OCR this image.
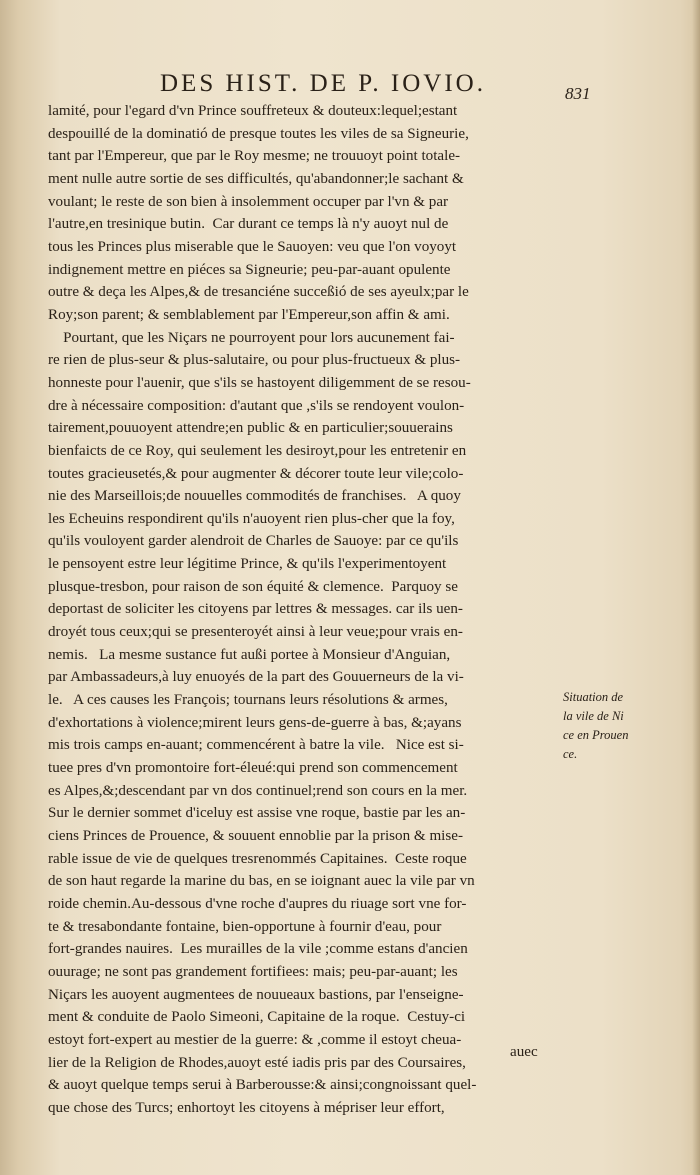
DES HIST. DE P. IOVIO.	831
lamité, pour l'egard d'vn Prince souffreteux & douteux:lequel;estant
despouillé de la dominatió de presque toutes les viles de sa Signeurie,
tant par l'Empereur, que par le Roy mesme; ne trouuoyt point totale-
ment nulle autre sortie de ses difficultés, qu'abandonner;le sachant &
voulant; le reste de son bien à insolemment occuper par l'vn & par
l'autre,en tresinique butin.  Car durant ce temps là n'y auoyt nul de
tous les Princes plus miserable que le Sauoyen: veu que l'on voyoyt
indignement mettre en piéces sa Signeurie; peu-par-auant opulente
outre & deça les Alpes,& de tresanciéne succeßió de ses ayeulx;par le
Roy;son parent; & semblablement par l'Empereur,son affin & ami.
Pourtant, que les Niçars ne pourroyent pour lors aucunement fai-
re rien de plus-seur & plus-salutaire, ou pour plus-fructueux & plus-
honneste pour l'auenir, que s'ils se hastoyent diligemment de se resou-
dre à nécessaire composition: d'autant que ,s'ils se rendoyent voulon-
tairement,pouuoyent attendre;en public & en particulier;souuerains
bienfaicts de ce Roy, qui seulement les desiroyt,pour les entretenir en
toutes gracieusetés,& pour augmenter & décorer toute leur vile;colo-
nie des Marseillois;de nouuelles commodités de franchises.   A quoy
les Echeuins respondirent qu'ils n'auoyent rien plus-cher que la foy,
qu'ils vouloyent garder alendroit de Charles de Sauoye: par ce qu'ils
le pensoyent estre leur légitime Prince, & qu'ils l'experimentoyent
plusque-tresbon, pour raison de son équité & clemence.  Parquoy se
deportast de soliciter les citoyens par lettres & messages. car ils uen-
droyét tous ceux;qui se presenteroyét ainsi à leur veue;pour vrais en-
nemis.   La mesme sustance fut außi portee à Monsieur d'Anguian,
par Ambassadeurs,à luy enuoyés de la part des Gouuerneurs de la vi-
le.   A ces causes les François; tournans leurs résolutions & armes,
d'exhortations à violence;mirent leurs gens-de-guerre à bas, &;ayans
mis trois camps en-auant; commencérent à batre la vile.   Nice est si-
tuee pres d'vn promontoire fort-éleué:qui prend son commencement
es Alpes,&;descendant par vn dos continuel;rend son cours en la mer.
Sur le dernier sommet d'iceluy est assise vne roque, bastie par les an-
ciens Princes de Prouence, & souuent ennoblie par la prison & mise-
rable issue de vie de quelques tresrenommés Capitaines.  Ceste roque
de son haut regarde la marine du bas, en se ioignant auec la vile par vn
roide chemin.Au-dessous d'vne roche d'aupres du riuage sort vne for-
te & tresabondante fontaine, bien-opportune à fournir d'eau, pour
fort-grandes nauires.  Les murailles de la vile ;comme estans d'ancien
ouurage; ne sont pas grandement fortifiees: mais; peu-par-auant; les
Niçars les auoyent augmentees de nouueaux bastions, par l'enseigne-
ment & conduite de Paolo Simeoni, Capitaine de la roque.  Cestuy-ci
estoyt fort-expert au mestier de la guerre: & ,comme il estoyt cheua-
lier de la Religion de Rhodes,auoyt esté iadis pris par des Coursaires,
& auoyt quelque temps serui à Barberousse:& ainsi;congnoissant quel-
que chose des Turcs; enhortoyt les citoyens à mépriser leur effort,
Situation de
la vile de Ni
ce en Prouen
ce.
auec
